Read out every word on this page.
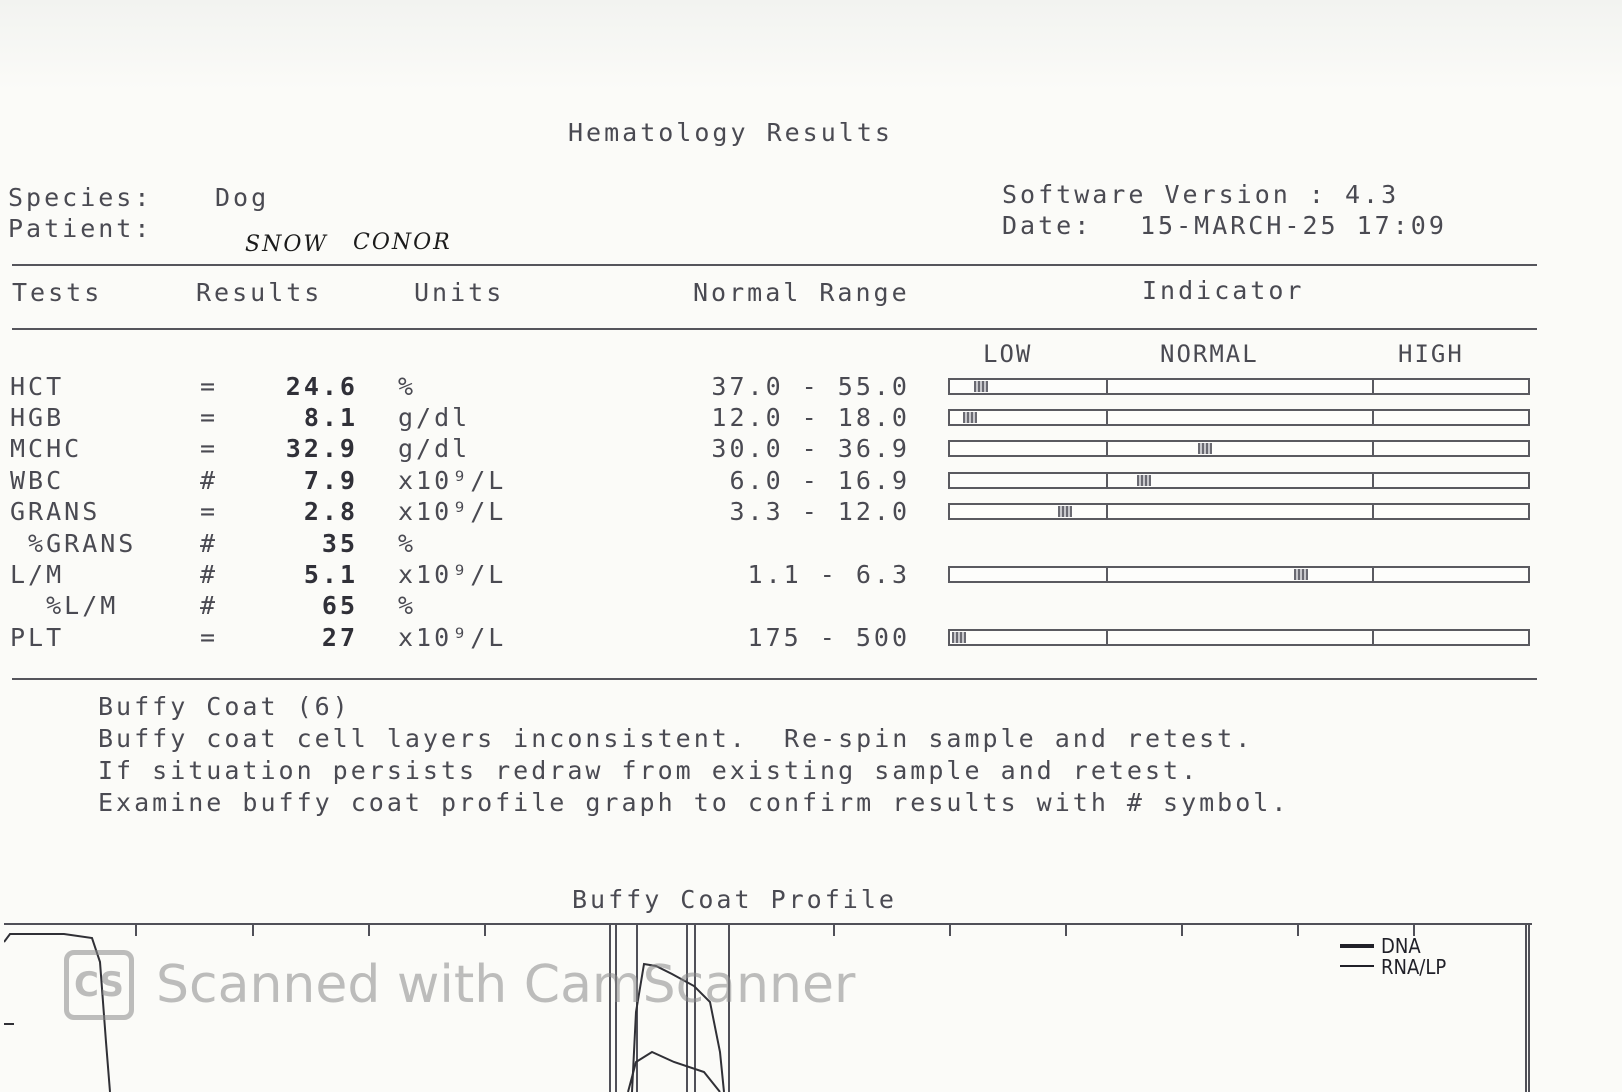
Hematology Results
Species:	Dog
Patient:
SNOW CONOR
Software Version : 4.3
Date: 15-MARCH-25 17:09
Tests	Results	Units	Normal Range	Indicator
LOW	NORMAL	HIGH
HCT	=	24.6 %	37.0 - 55.0
HGB	=	8.1 g/dl	12.0 - 18.0
MCHC	=	32.9 g/dl	30.0 - 36.9
WBC	#	7.9 x10⁹/L	6.0 - 16.9
GRANS	=	2.8 x10⁹/L	3.3 - 12.0
%GRANS	#	35 %
L/M	#	5.1 x10⁹/L	1.1 - 6.3
%L/M	#	65 %
PLT	=	27 x10⁹/L	175 - 500
Buffy Coat (6)
Buffy coat cell layers inconsistent.  Re-spin sample and retest.
If situation persists redraw from existing sample and retest.
Examine buffy coat profile graph to confirm results with # symbol.
Buffy Coat Profile
DNA
RNA/LP
CS Scanned with CamScanner
